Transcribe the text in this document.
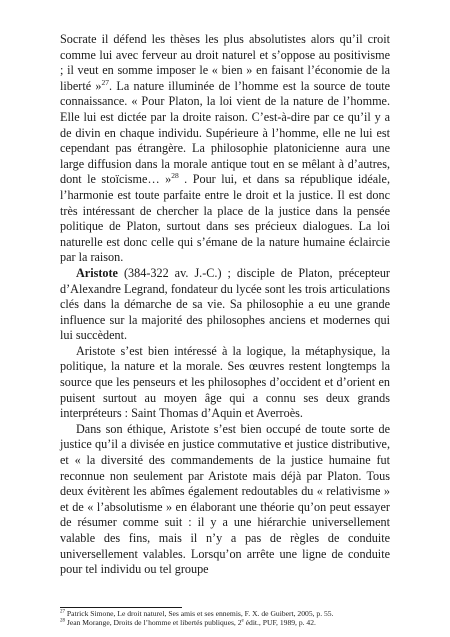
Socrate il défend les thèses les plus absolutistes alors qu’il croit comme lui avec ferveur au droit naturel et s’oppose au positivisme ; il veut en somme imposer le « bien » en faisant l’économie de la liberté »$^{27}$. La nature illuminée de l’homme est la source de toute connaissance. « Pour Platon, la loi vient de la nature de l’homme. Elle lui est dictée par la droite raison. C’est-à-dire par ce qu’il y a de divin en chaque individu. Supérieure à l’homme, elle ne lui est cependant pas étrangère. La philosophie platonicienne aura une large diffusion dans la morale antique tout en se mêlant à d’autres, dont le stoïcisme… »$^{28}$ . Pour lui, et dans sa république idéale, l’harmonie est toute parfaite entre le droit et la justice. Il est donc très intéressant de chercher la place de la justice dans la pensée politique de Platon, surtout dans ses précieux dialogues. La loi naturelle est donc celle qui s’émane de la nature humaine éclaircie par la raison.

Aristote (384-322 av. J.-C.) ; disciple de Platon, précepteur d’Alexandre Legrand, fondateur du lycée sont les trois articulations clés dans la démarche de sa vie. Sa philosophie a eu une grande influence sur la majorité des philosophes anciens et modernes qui lui succèdent.

Aristote s’est bien intéressé à la logique, la métaphysique, la politique, la nature et la morale. Ses œuvres restent longtemps la source que les penseurs et les philosophes d’occident et d’orient en puisent surtout au moyen âge qui a connu ses deux grands interpréteurs : Saint Thomas d’Aquin et Averroès.

Dans son éthique, Aristote s’est bien occupé de toute sorte de justice qu’il a divisée en justice commutative et justice distributive, et « la diversité des commandements de la justice humaine fut reconnue non seulement par Aristote mais déjà par Platon. Tous deux évitèrent les abîmes également redoutables du « relativisme » et de « l’absolutisme » en élaborant une théorie qu’on peut essayer de résumer comme suit : il y a une hiérarchie universellement valable des fins, mais il n’y a pas de règles de conduite universellement valables. Lorsqu’on arrête une ligne de conduite pour tel individu ou tel groupe

$^{27}$ Patrick Simone, Le droit naturel, Ses amis et ses ennemis, F. X. de Guibert, 2005, p. 55.

$^{28}$ Jean Morange, Droits de l’homme et libertés publiques, 2e édit., PUF, 1989, p. 42.
